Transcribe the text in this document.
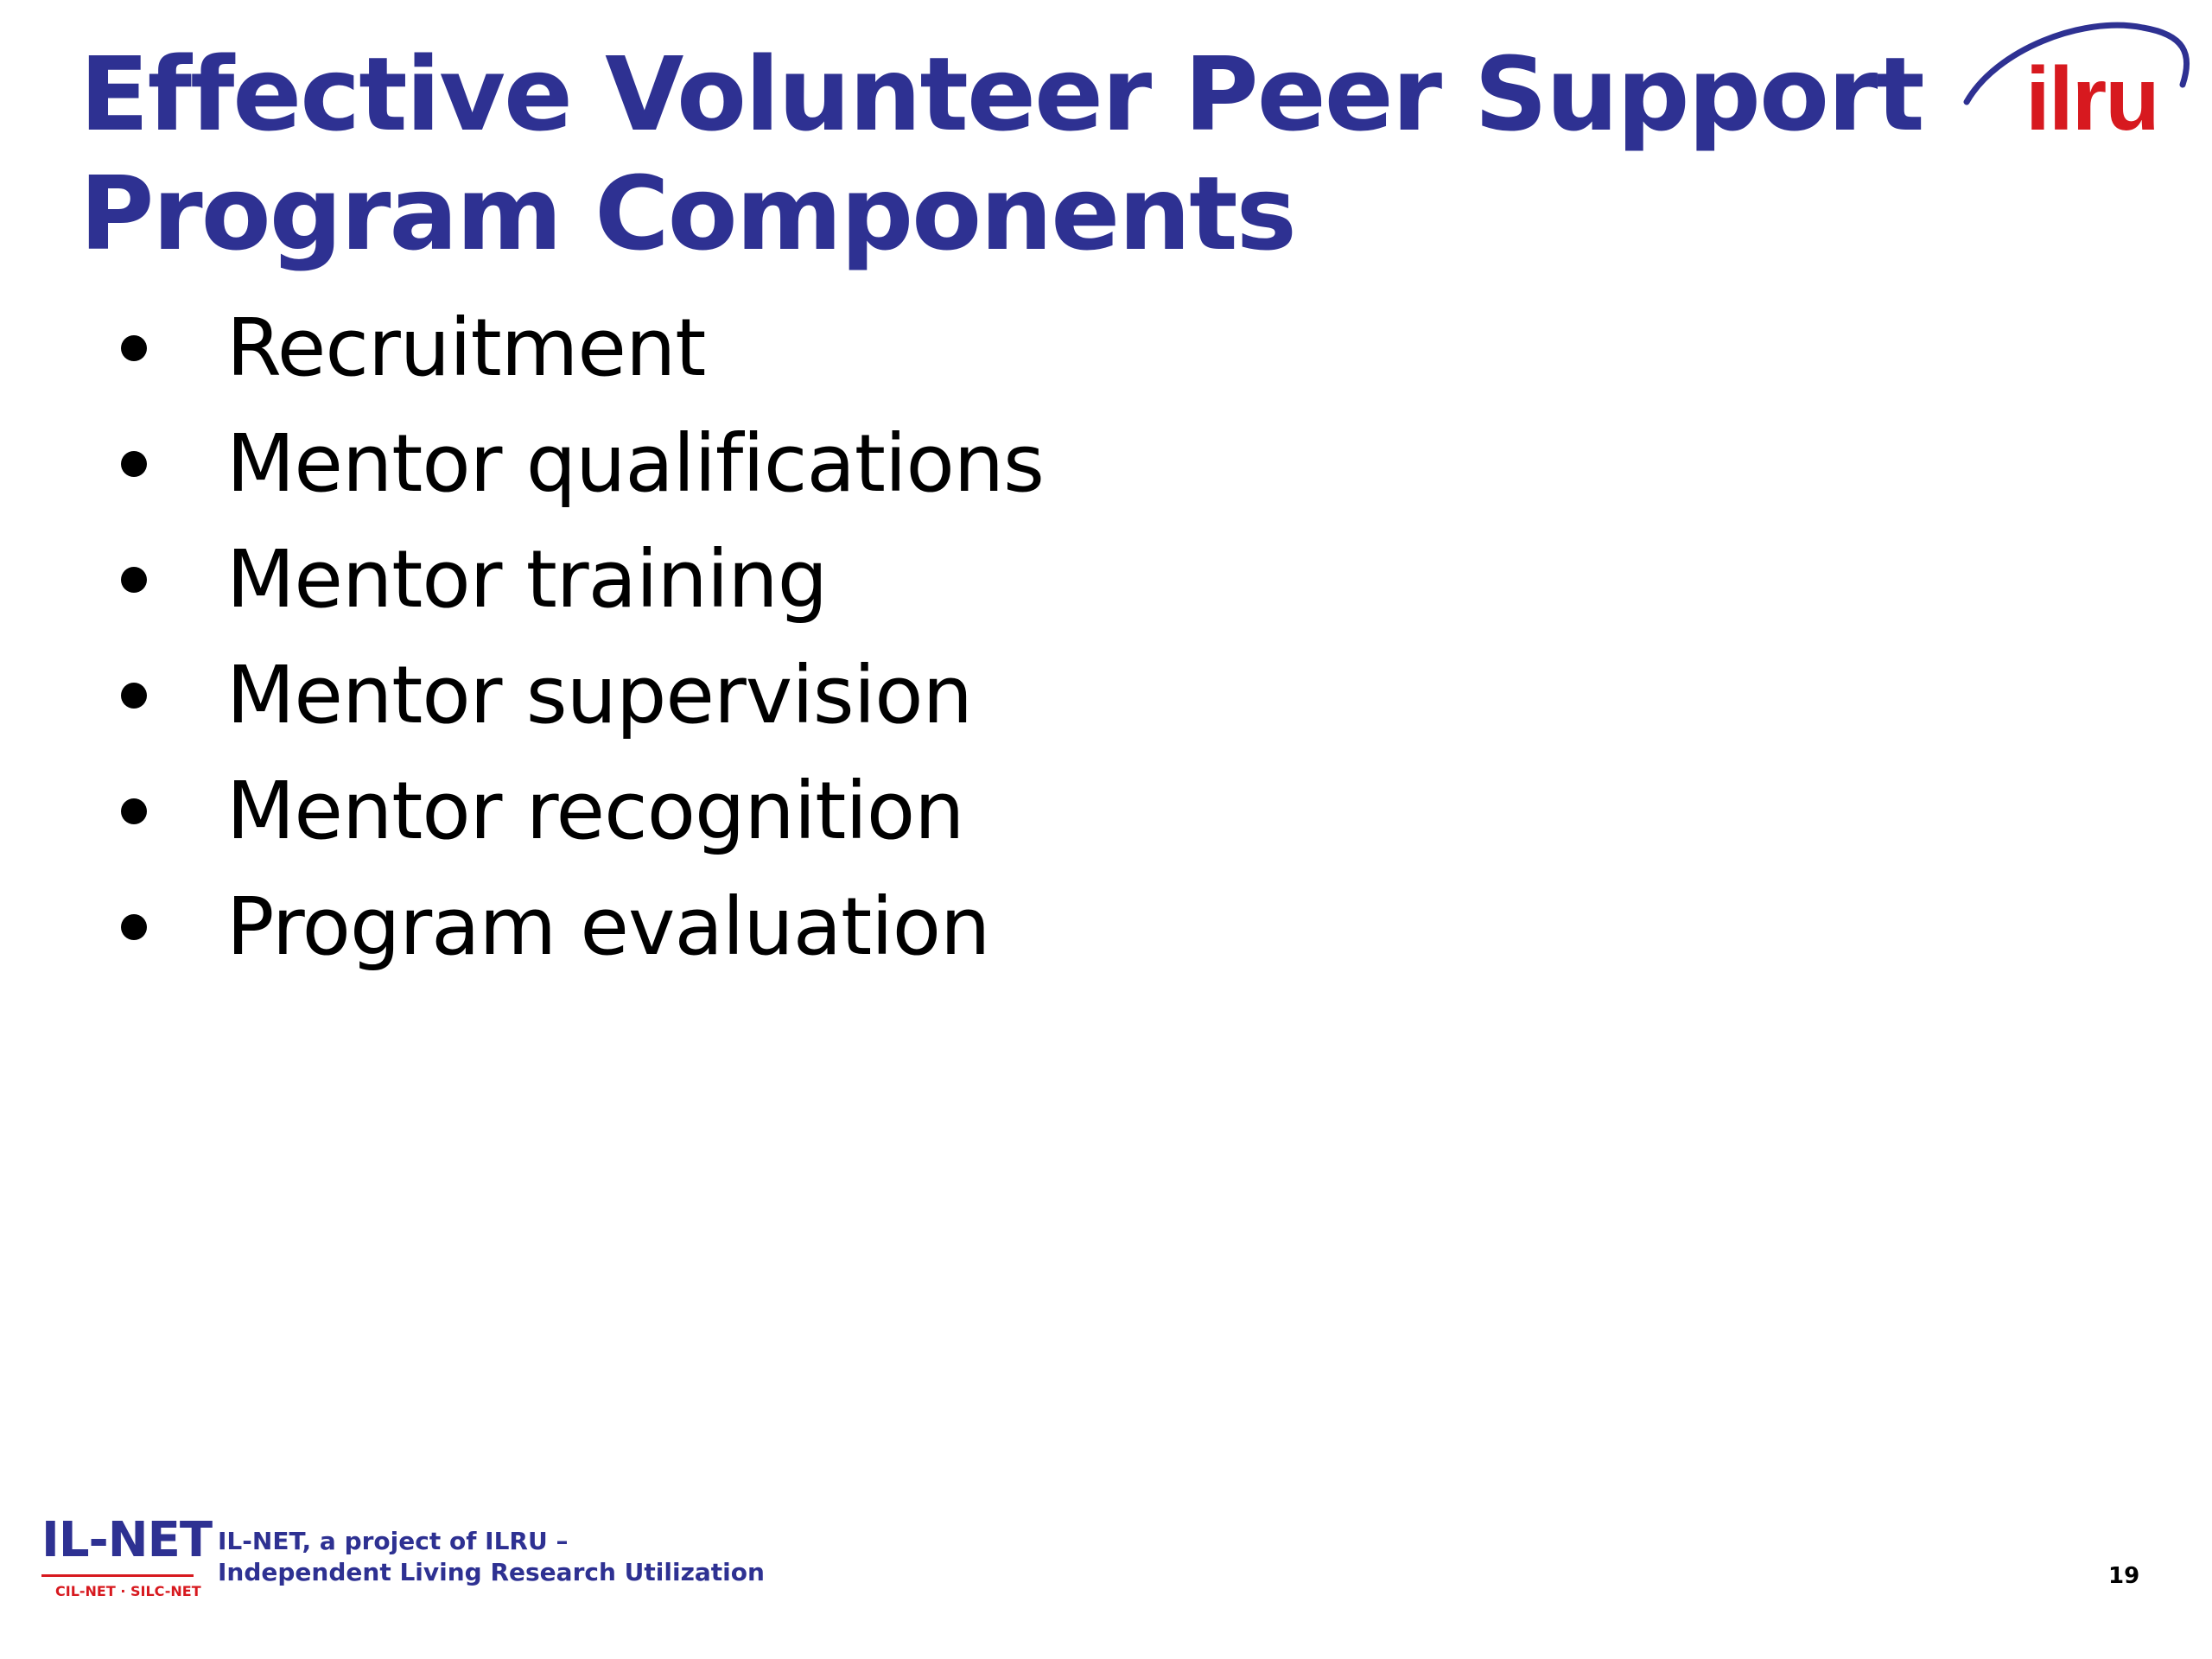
Effective Volunteer Peer Support
Program Components
ilru
Recruitment
Mentor qualifications
Mentor training
Mentor supervision
Mentor recognition
Program evaluation
IL-NET
CIL-NET · SILC-NET
IL-NET, a project of ILRU –
Independent Living Research Utilization	19
